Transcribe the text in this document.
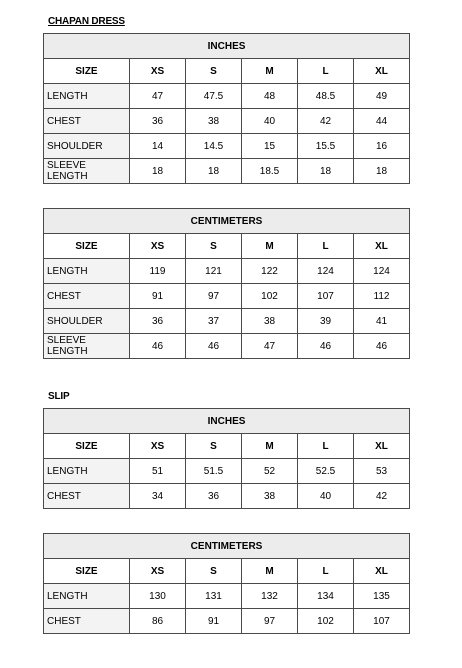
CHAPAN DRESS
INCHES					
SIZE	XS	S	M	L	XL
LENGTH	47	47.5	48	48.5	49
CHEST	36	38	40	42	44
SHOULDER	14	14.5	15	15.5	16
SLEEVE LENGTH	18	18	18.5	18	18
CENTIMETERS					
SIZE	XS	S	M	L	XL
LENGTH	119	121	122	124	124
CHEST	91	97	102	107	112
SHOULDER	36	37	38	39	41
SLEEVE LENGTH	46	46	47	46	46
SLIP
INCHES					
SIZE	XS	S	M	L	XL
LENGTH	51	51.5	52	52.5	53
CHEST	34	36	38	40	42
CENTIMETERS					
SIZE	XS	S	M	L	XL
LENGTH	130	131	132	134	135
CHEST	86	91	97	102	107
